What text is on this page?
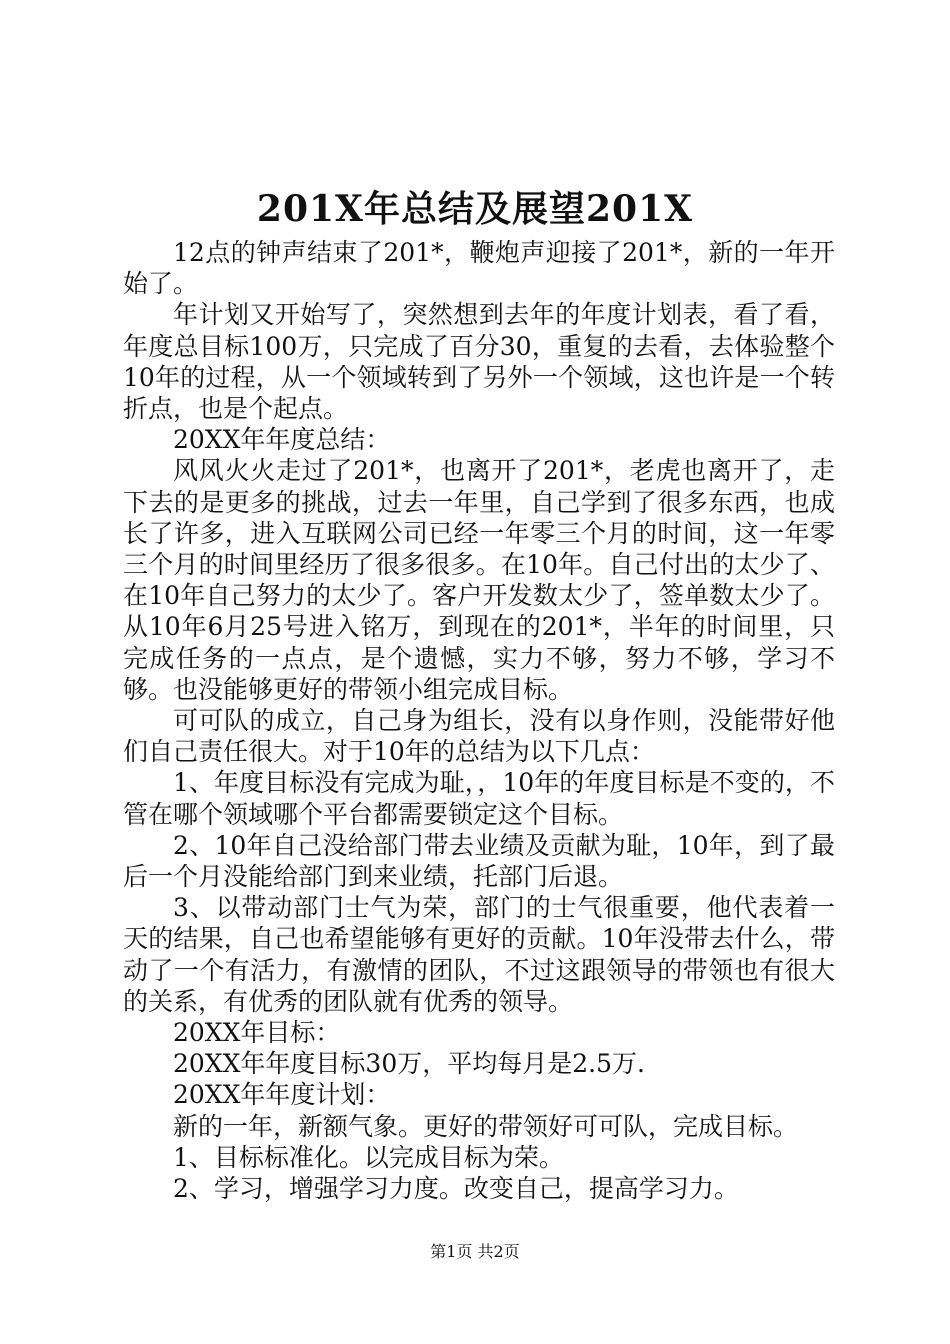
201X年总结及展望201X

12点的钟声结束了201*，鞭炮声迎接了201*，新的一年开始了。

年计划又开始写了，突然想到去年的年度计划表，看了看，年度总目标100万，只完成了百分30，重复的去看，去体验整个10年的过程，从一个领域转到了另外一个领域，这也许是一个转折点，也是个起点。

20XX年年度总结：

风风火火走过了201*，也离开了201*，老虎也离开了，走下去的是更多的挑战，过去一年里，自己学到了很多东西，也成长了许多，进入互联网公司已经一年零三个月的时间，这一年零三个月的时间里经历了很多很多。在10年。自己付出的太少了、在10年自己努力的太少了。客户开发数太少了，签单数太少了。从10年6月25号进入铭万，到现在的201*，半年的时间里，只完成任务的一点点，是个遗憾，实力不够，努力不够，学习不够。也没能够更好的带领小组完成目标。

可可队的成立，自己身为组长，没有以身作则，没能带好他们自己责任很大。对于10年的总结为以下几点：

1、年度目标没有完成为耻，，10年的年度目标是不变的，不管在哪个领域哪个平台都需要锁定这个目标。

2、10年自己没给部门带去业绩及贡献为耻，10年，到了最后一个月没能给部门到来业绩，托部门后退。

3、以带动部门士气为荣，部门的士气很重要，他代表着一天的结果，自己也希望能够有更好的贡献。10年没带去什么，带动了一个有活力，有激情的团队，不过这跟领导的带领也有很大的关系，有优秀的团队就有优秀的领导。

20XX年目标：

20XX年年度目标30万，平均每月是2.5万.

20XX年年度计划：

新的一年，新额气象。更好的带领好可可队，完成目标。

1、目标标准化。以完成目标为荣。

2、学习，增强学习力度。改变自己，提高学习力。

第1页 共2页
